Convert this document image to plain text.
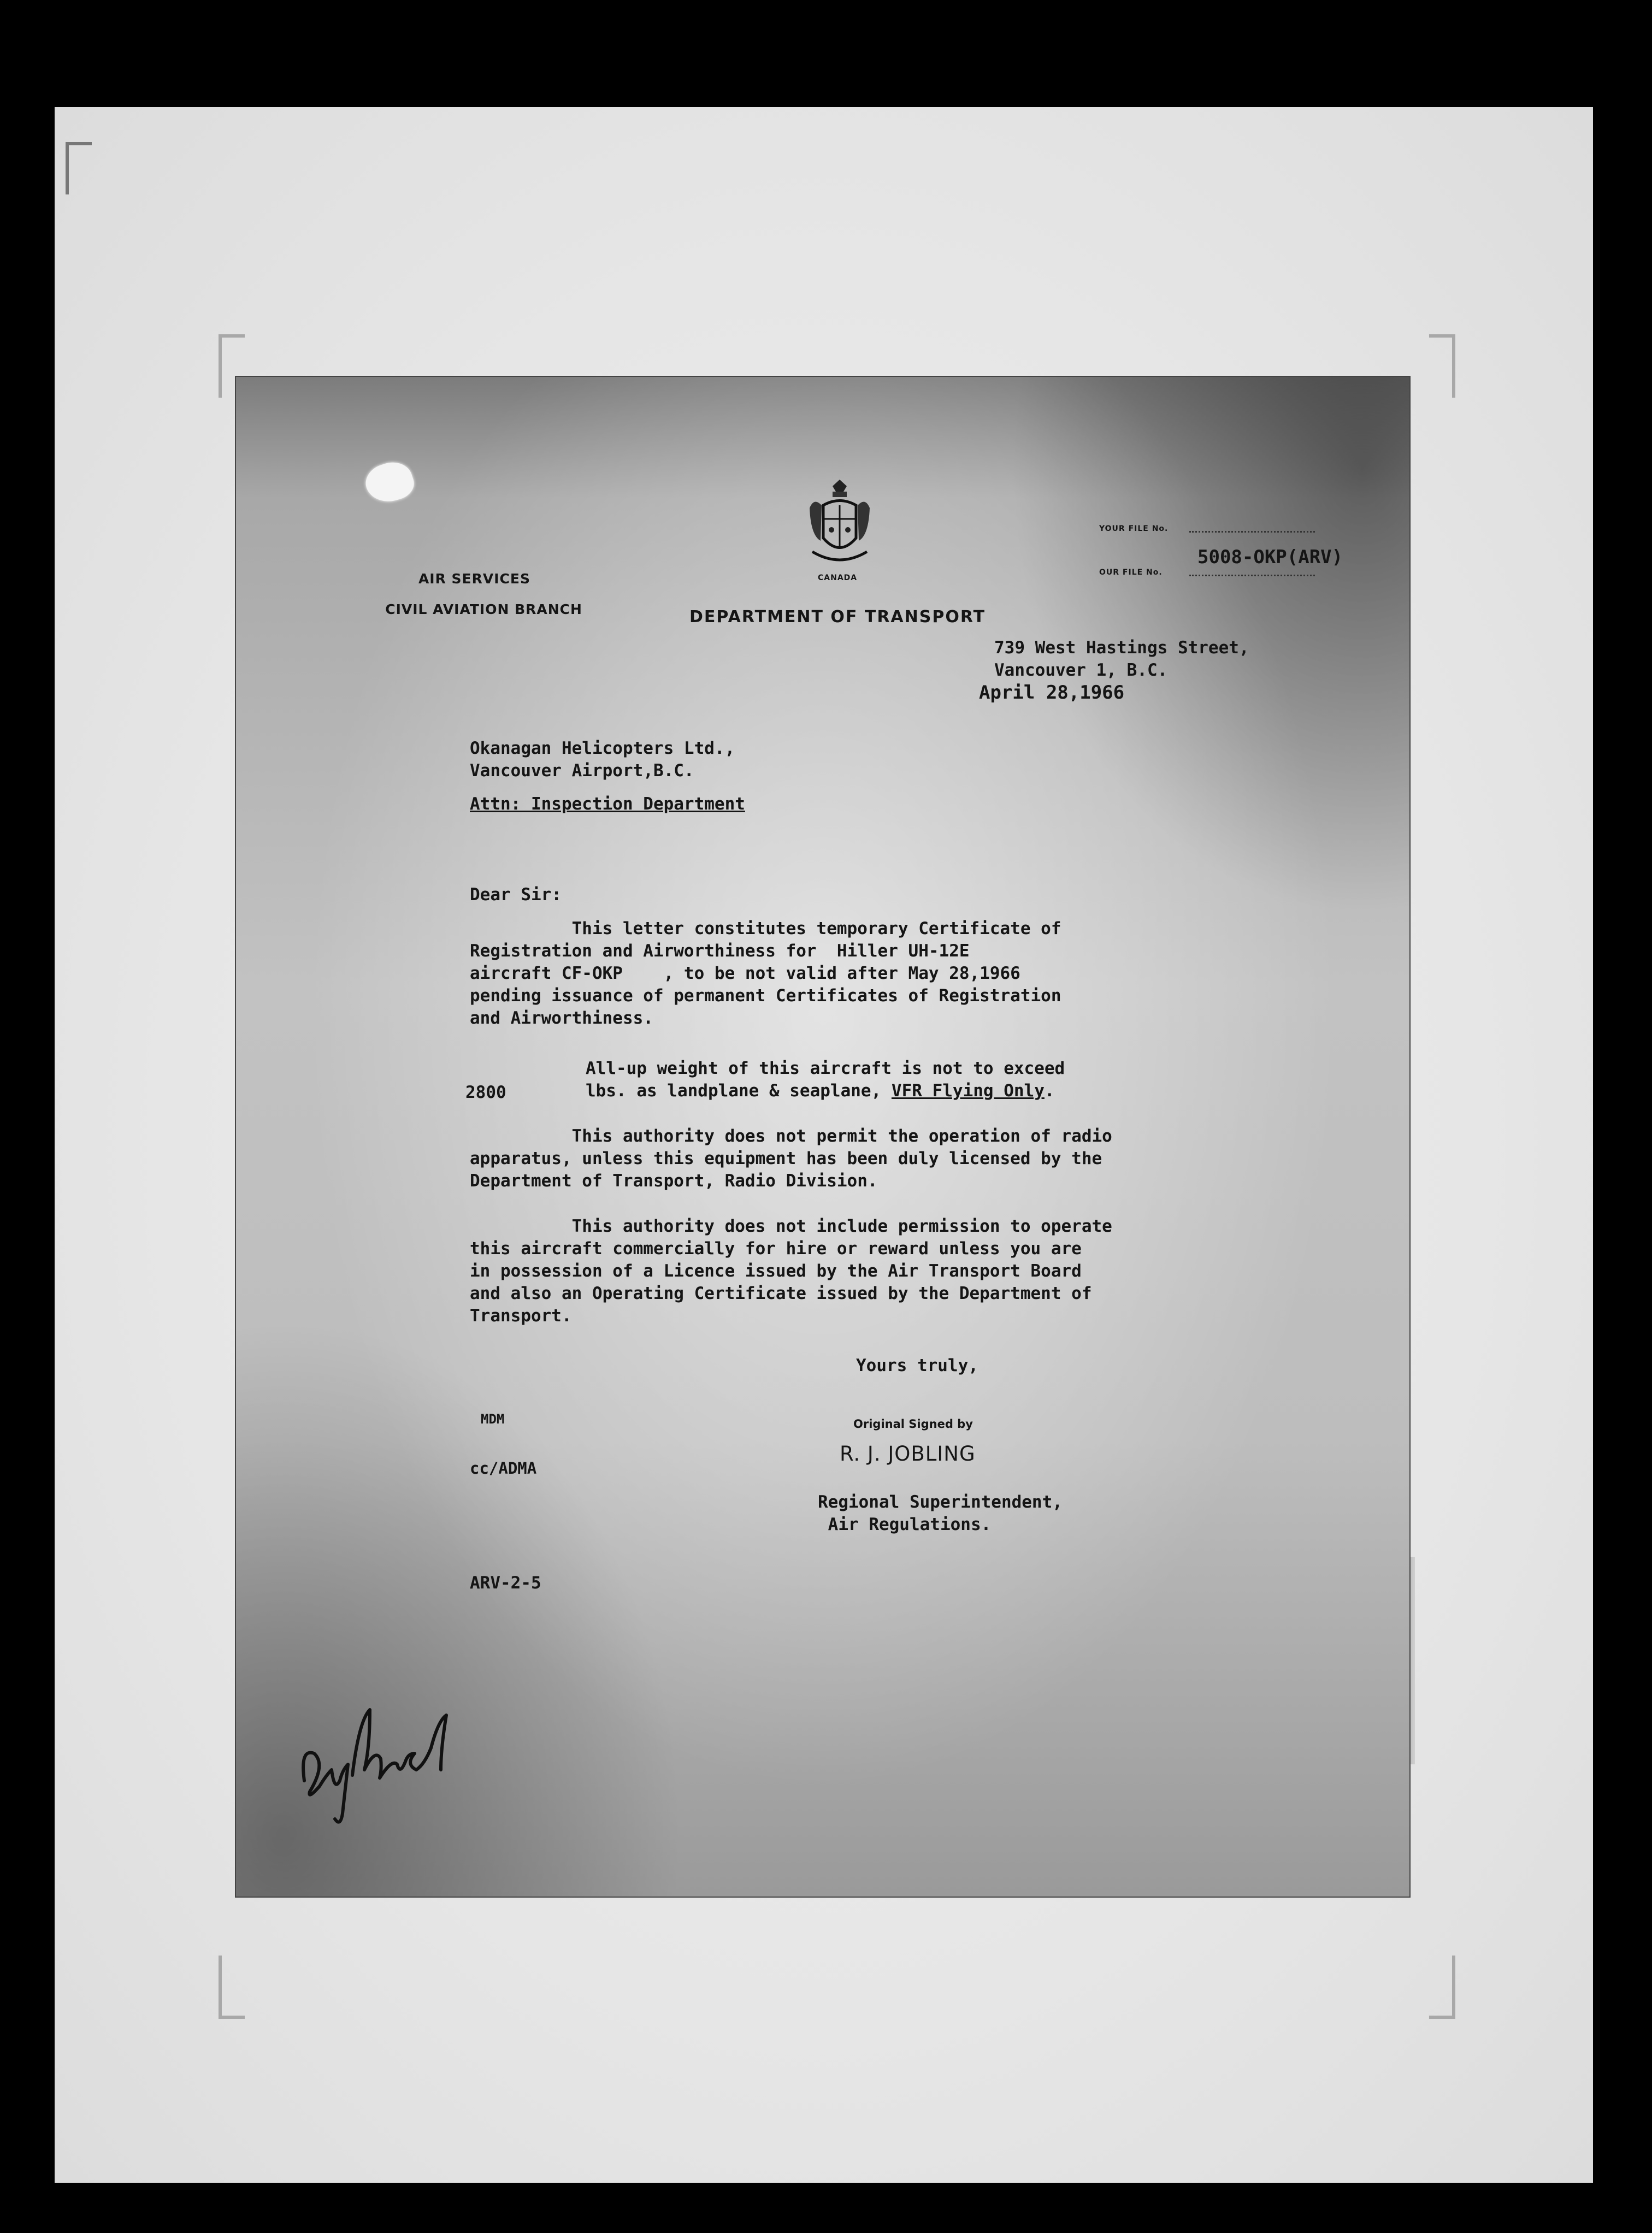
AIR SERVICES

CIVIL AVIATION BRANCH

CANADA
DEPARTMENT OF TRANSPORT
YOUR FILE No.
5008-OKP(ARV)
OUR FILE No.
739 West Hastings Street,
Vancouver 1, B.C.
April 28,1966
Okanagan Helicopters Ltd.,
Vancouver Airport,B.C.
Attn: Inspection Department
Dear Sir:
This letter constitutes temporary Certificate of
Registration and Airworthiness for  Hiller UH-12E
aircraft CF-OKP    , to be not valid after May 28,1966
pending issuance of permanent Certificates of Registration
and Airworthiness.
2800
All-up weight of this aircraft is not to exceed
lbs. as landplane & seaplane, VFR Flying Only.
This authority does not permit the operation of radio
apparatus, unless this equipment has been duly licensed by the
Department of Transport, Radio Division.
This authority does not include permission to operate
this aircraft commercially for hire or reward unless you are
in possession of a Licence issued by the Air Transport Board
and also an Operating Certificate issued by the Department of
Transport.
Yours truly,
MDM
cc/ADMA
Original Signed by
R. J. JOBLING
Regional Superintendent,
Air Regulations.
ARV-2-5
